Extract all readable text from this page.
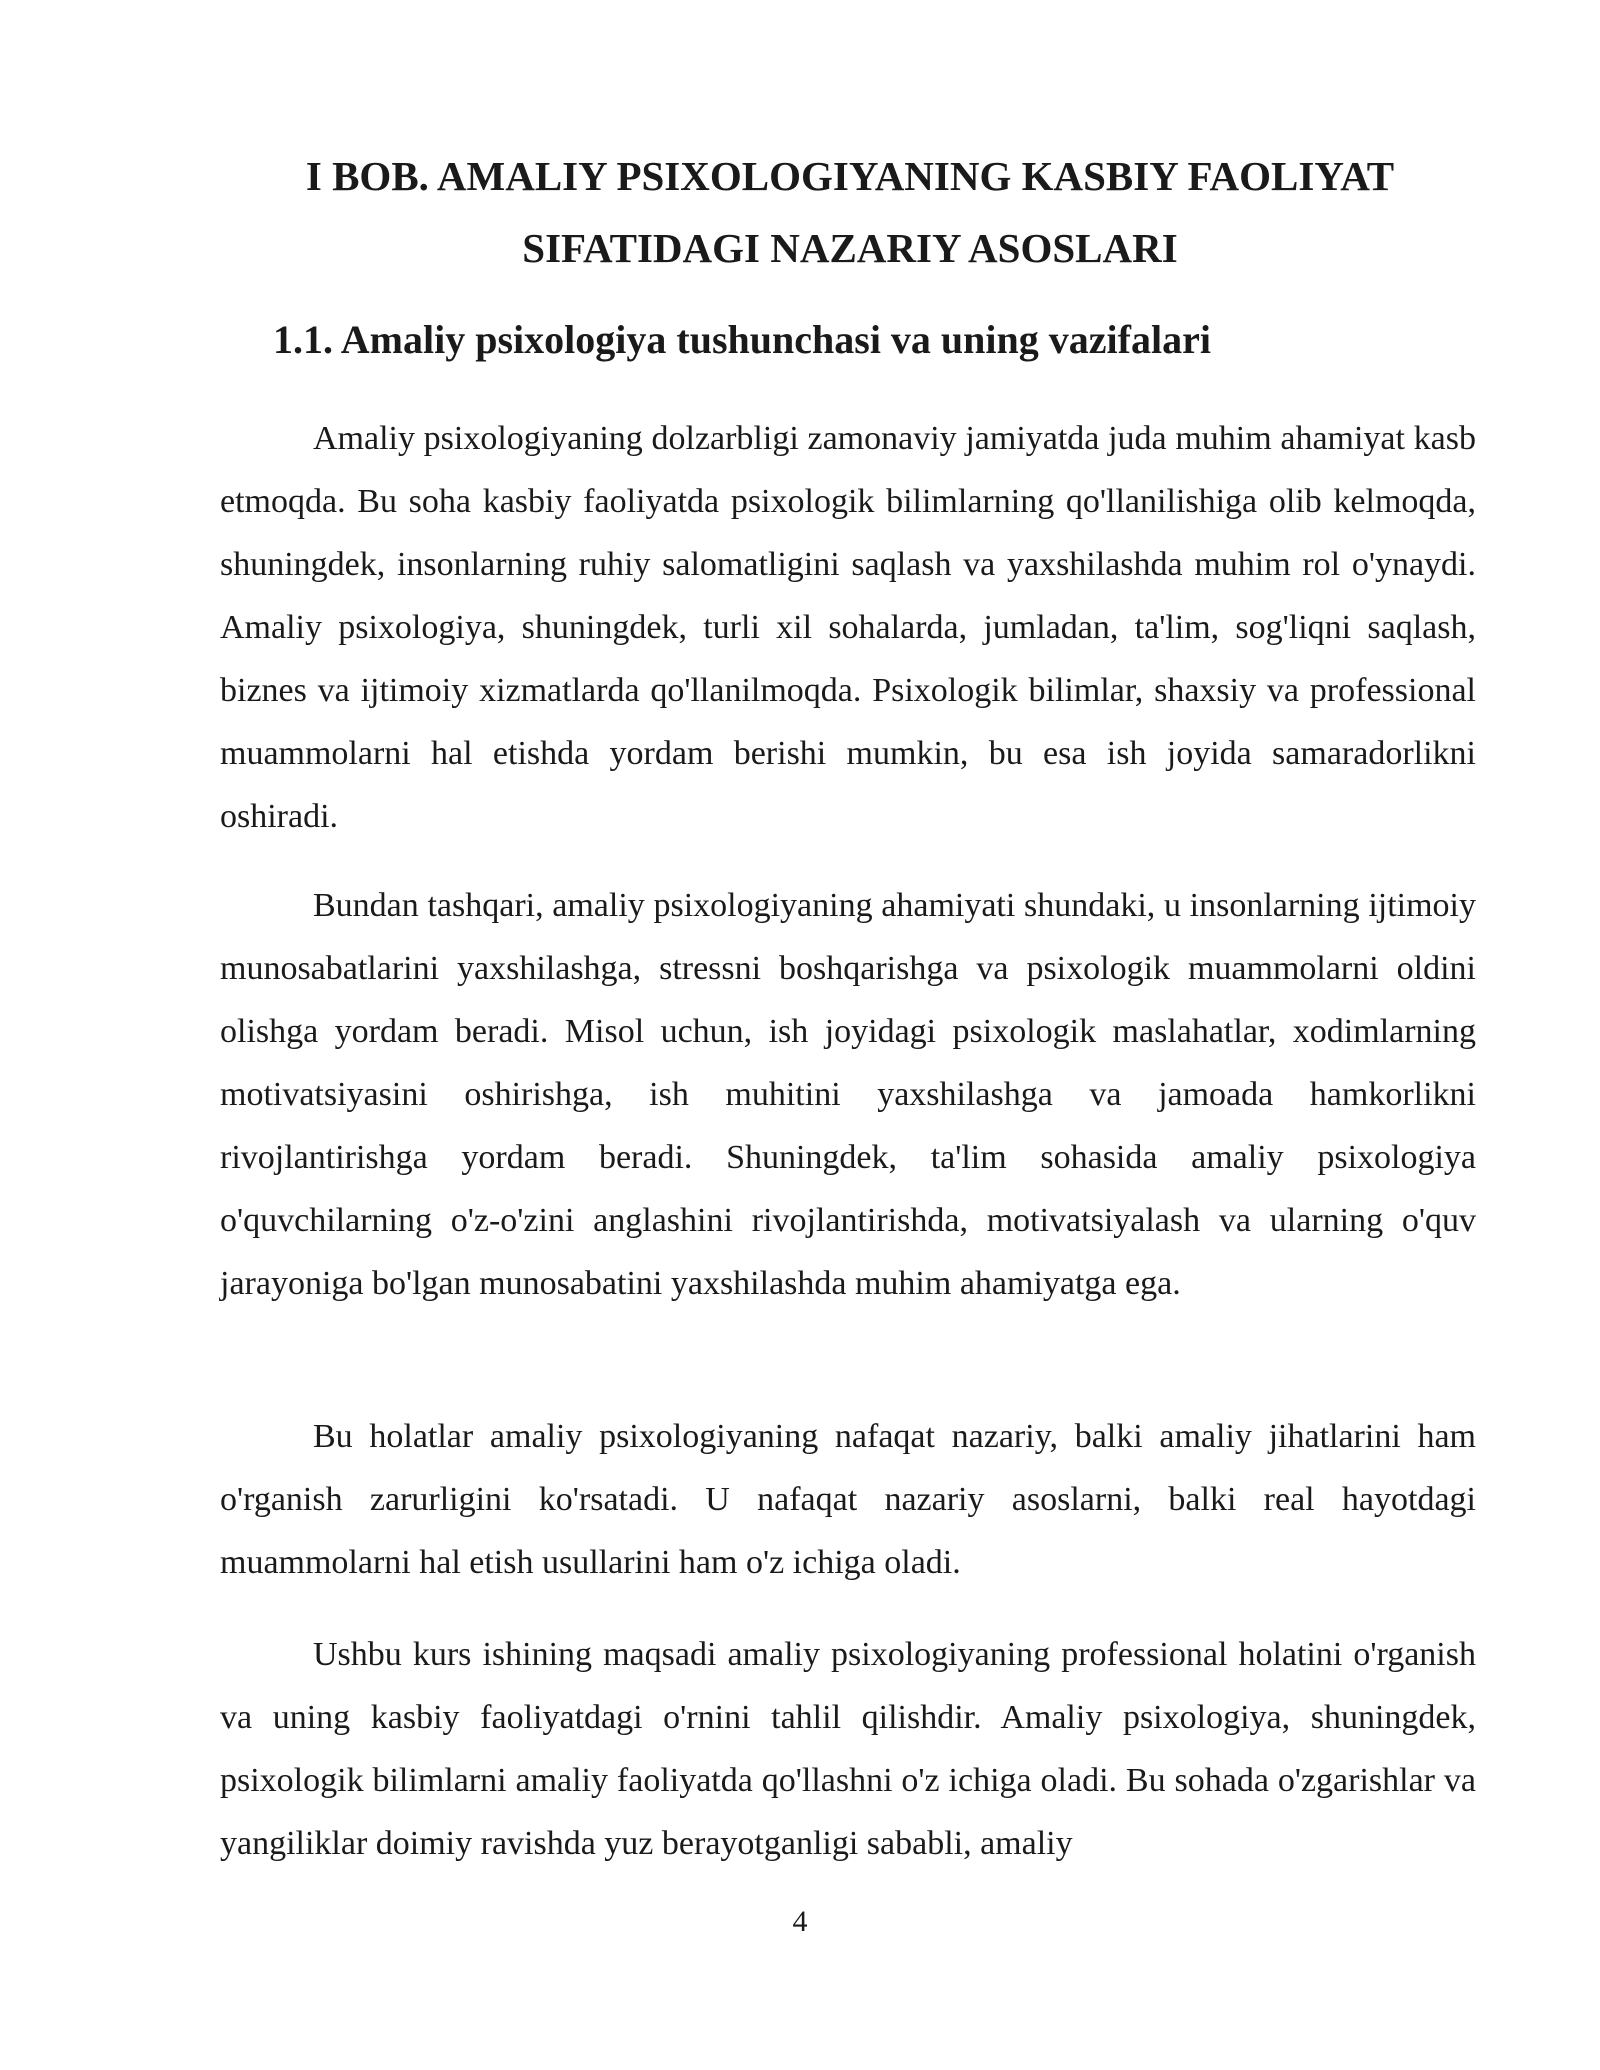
I BOB. AMALIY PSIXOLOGIYANING KASBIY FAOLIYAT SIFATIDAGI NAZARIY ASOSLARI
1.1. Amaliy psixologiya tushunchasi va uning vazifalari

Amaliy psixologiyaning dolzarbligi zamonaviy jamiyatda juda muhim ahamiyat kasb etmoqda. Bu soha kasbiy faoliyatda psixologik bilimlarning qo'llanilishiga olib kelmoqda, shuningdek, insonlarning ruhiy salomatligini saqlash va yaxshilashda muhim rol o'ynaydi. Amaliy psixologiya, shuningdek, turli xil sohalarda, jumladan, ta'lim, sog'liqni saqlash, biznes va ijtimoiy xizmatlarda qo'llanilmoqda. Psixologik bilimlar, shaxsiy va professional muammolarni hal etishda yordam berishi mumkin, bu esa ish joyida samaradorlikni oshiradi.

Bundan tashqari, amaliy psixologiyaning ahamiyati shundaki, u insonlarning ijtimoiy munosabatlarini yaxshilashga, stressni boshqarishga va psixologik muammolarni oldini olishga yordam beradi. Misol uchun, ish joyidagi psixologik maslahatlar, xodimlarning motivatsiyasini oshirishga, ish muhitini yaxshilashga va jamoada hamkorlikni rivojlantirishga yordam beradi. Shuningdek, ta'lim sohasida amaliy psixologiya o'quvchilarning o'z-o'zini anglashini rivojlantirishda, motivatsiyalash va ularning o'quv jarayoniga bo'lgan munosabatini yaxshilashda muhim ahamiyatga ega.

Bu holatlar amaliy psixologiyaning nafaqat nazariy, balki amaliy jihatlarini ham o'rganish zarurligini ko'rsatadi. U nafaqat nazariy asoslarni, balki real hayotdagi muammolarni hal etish usullarini ham o'z ichiga oladi.

Ushbu kurs ishining maqsadi amaliy psixologiyaning professional holatini o'rganish va uning kasbiy faoliyatdagi o'rnini tahlil qilishdir. Amaliy psixologiya, shuningdek, psixologik bilimlarni amaliy faoliyatda qo'llashni o'z ichiga oladi. Bu sohada o'zgarishlar va yangiliklar doimiy ravishda yuz berayotganligi sababli, amaliy

4
